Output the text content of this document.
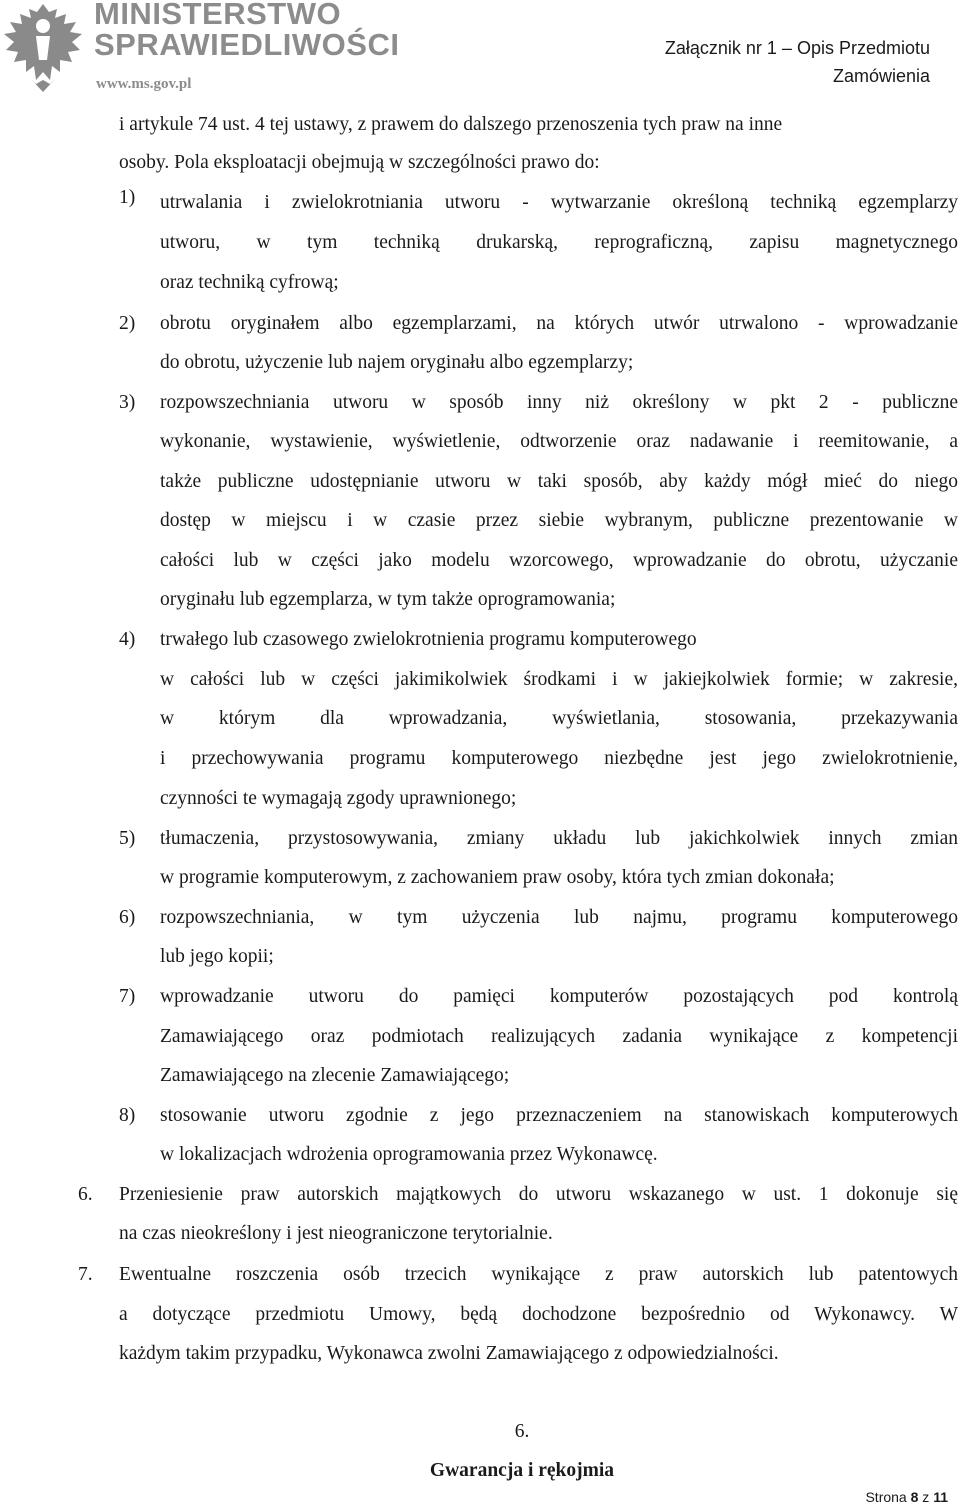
MINISTERSTWO
SPRAWIEDLIWOŚCI
www.ms.gov.pl
Załącznik nr 1 – Opis Przedmiotu
Zamówienia
1)
2)
3)
4)
5)
6)
7)
8)
6.
7.
i artykule 74 ust. 4 tej ustawy, z prawem do dalszego przenoszenia tych praw na inne
osoby. Pola eksploatacji obejmują w szczególności prawo do:
utrwalania i zwielokrotniania utworu - wytwarzanie określoną techniką egzemplarzy
utworu, w tym techniką drukarską, reprograficzną, zapisu magnetycznego
oraz techniką cyfrową;
obrotu oryginałem albo egzemplarzami, na których utwór utrwalono - wprowadzanie
do obrotu, użyczenie lub najem oryginału albo egzemplarzy;
rozpowszechniania utworu w sposób inny niż określony w pkt 2 - publiczne
wykonanie, wystawienie, wyświetlenie, odtworzenie oraz nadawanie i reemitowanie, a
także publiczne udostępnianie utworu w taki sposób, aby każdy mógł mieć do niego
dostęp w miejscu i w czasie przez siebie wybranym, publiczne prezentowanie w
całości lub w części jako modelu wzorcowego, wprowadzanie do obrotu, użyczanie
oryginału lub egzemplarza, w tym także oprogramowania;
trwałego lub czasowego zwielokrotnienia programu komputerowego
w całości lub w części jakimikolwiek środkami i w jakiejkolwiek formie; w zakresie,
w którym dla wprowadzania, wyświetlania, stosowania, przekazywania
i przechowywania programu komputerowego niezbędne jest jego zwielokrotnienie,
czynności te wymagają zgody uprawnionego;
tłumaczenia, przystosowywania, zmiany układu lub jakichkolwiek innych zmian
w programie komputerowym, z zachowaniem praw osoby, która tych zmian dokonała;
rozpowszechniania, w tym użyczenia lub najmu, programu komputerowego
lub jego kopii;
wprowadzanie utworu do pamięci komputerów pozostających pod kontrolą
Zamawiającego oraz podmiotach realizujących zadania wynikające z kompetencji
Zamawiającego na zlecenie Zamawiającego;
stosowanie utworu zgodnie z jego przeznaczeniem na stanowiskach komputerowych
w lokalizacjach wdrożenia oprogramowania przez Wykonawcę.
Przeniesienie praw autorskich majątkowych do utworu wskazanego w ust. 1 dokonuje się
na czas nieokreślony i jest nieograniczone terytorialnie.
Ewentualne roszczenia osób trzecich wynikające z praw autorskich lub patentowych
a dotyczące przedmiotu Umowy, będą dochodzone bezpośrednio od Wykonawcy. W
każdym takim przypadku, Wykonawca zwolni Zamawiającego z odpowiedzialności.
6.
Gwarancja i rękojmia
Strona 8 z 11
